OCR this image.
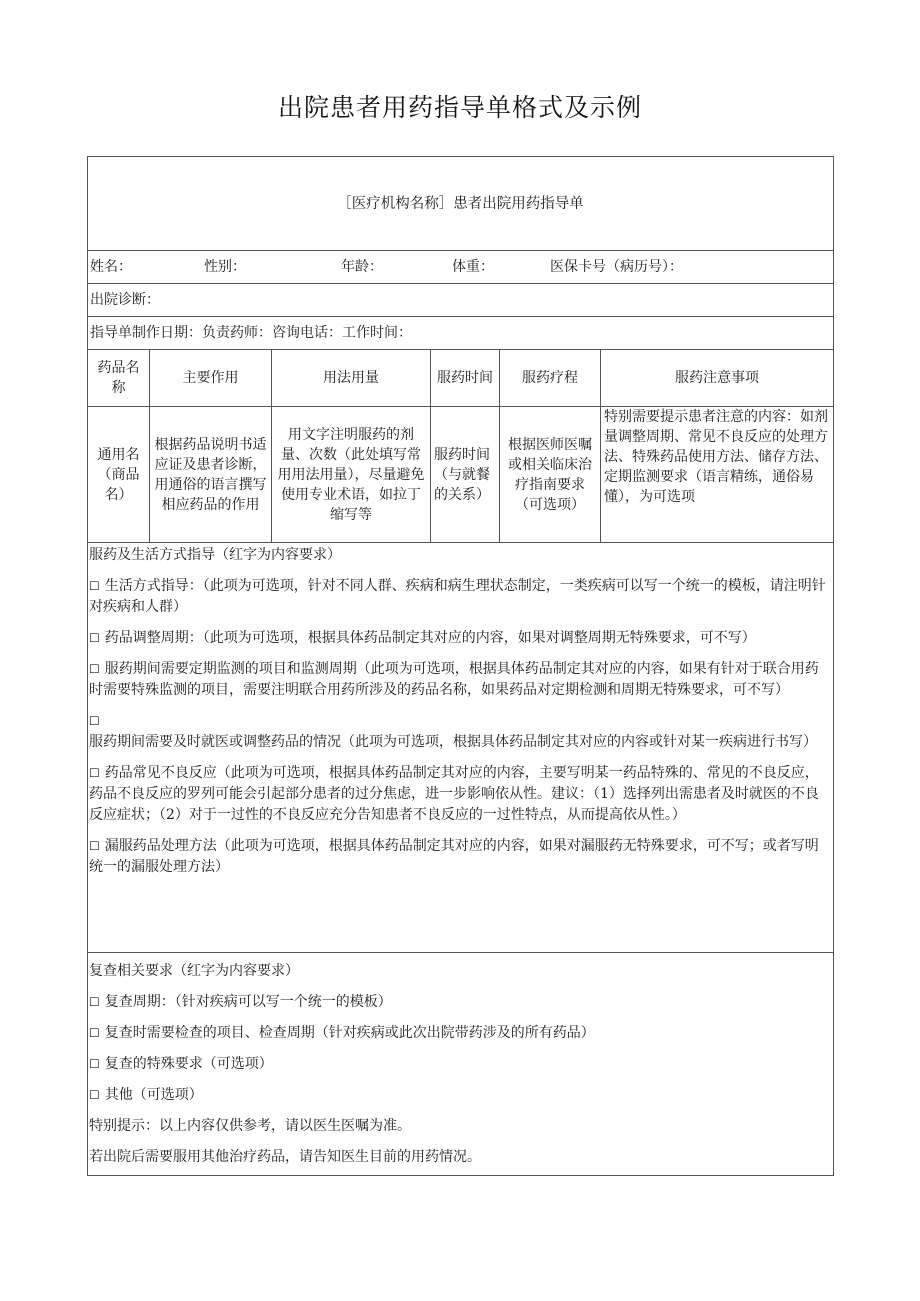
出院患者用药指导单格式及示例
［医疗机构名称］患者出院用药指导单					

姓名： 性别： 年龄： 体重： 医保卡号（病历号）：					

出院诊断：					
指导单制作日期：负责药师：咨询电话：工作时间：					
药品名称	主要作用	用法用量	服药时间	服药疗程	服药注意事项
通用名（商品名）	根据药品说明书适应证及患者诊断，用通俗的语言撰写相应药品的作用	用文字注明服药的剂量、次数（此处填写常用用法用量），尽量避免使用专业术语，如拉丁缩写等	服药时间（与就餐的关系）	根据医师医嘱或相关临床治疗指南要求（可选项）	特别需要提示患者注意的内容：如剂量调整周期、常见不良反应的处理方法、特殊药品使用方法、储存方法、定期监测要求（语言精练，通俗易懂），为可选项

服药及生活方式指导（红字为内容要求）

☐ 生活方式指导：（此项为可选项，针对不同人群、疾病和病生理状态制定，一类疾病可以写一个统一的模板，请注明针对疾病和人群）

☐ 药品调整周期：（此项为可选项，根据具体药品制定其对应的内容，如果对调整周期无特殊要求，可不写）

☐ 服药期间需要定期监测的项目和监测周期（此项为可选项，根据具体药品制定其对应的内容，如果有针对于联合用药时需要特殊监测的项目，需要注明联合用药所涉及的药品名称，如果药品对定期检测和周期无特殊要求，可不写）

☐服药期间需要及时就医或调整药品的情况（此项为可选项，根据具体药品制定其对应的内容或针对某一疾病进行书写）

☐ 药品常见不良反应（此项为可选项，根据具体药品制定其对应的内容，主要写明某一药品特殊的、常见的不良反应，药品不良反应的罗列可能会引起部分患者的过分焦虑，进一步影响依从性。建议：（1）选择列出需患者及时就医的不良反应症状；（2）对于一过性的不良反应充分告知患者不良反应的一过性特点，从而提高依从性。）

☐ 漏服药品处理方法（此项为可选项，根据具体药品制定其对应的内容，如果对漏服药无特殊要求，可不写；或者写明统一的漏服处理方法）

复查相关要求（红字为内容要求）

☐ 复查周期：（针对疾病可以写一个统一的模板）

☐ 复查时需要检查的项目、检查周期（针对疾病或此次出院带药涉及的所有药品）

☐ 复查的特殊要求（可选项）

☐ 其他（可选项）

特别提示：以上内容仅供参考，请以医生医嘱为准。

若出院后需要服用其他治疗药品，请告知医生目前的用药情况。
